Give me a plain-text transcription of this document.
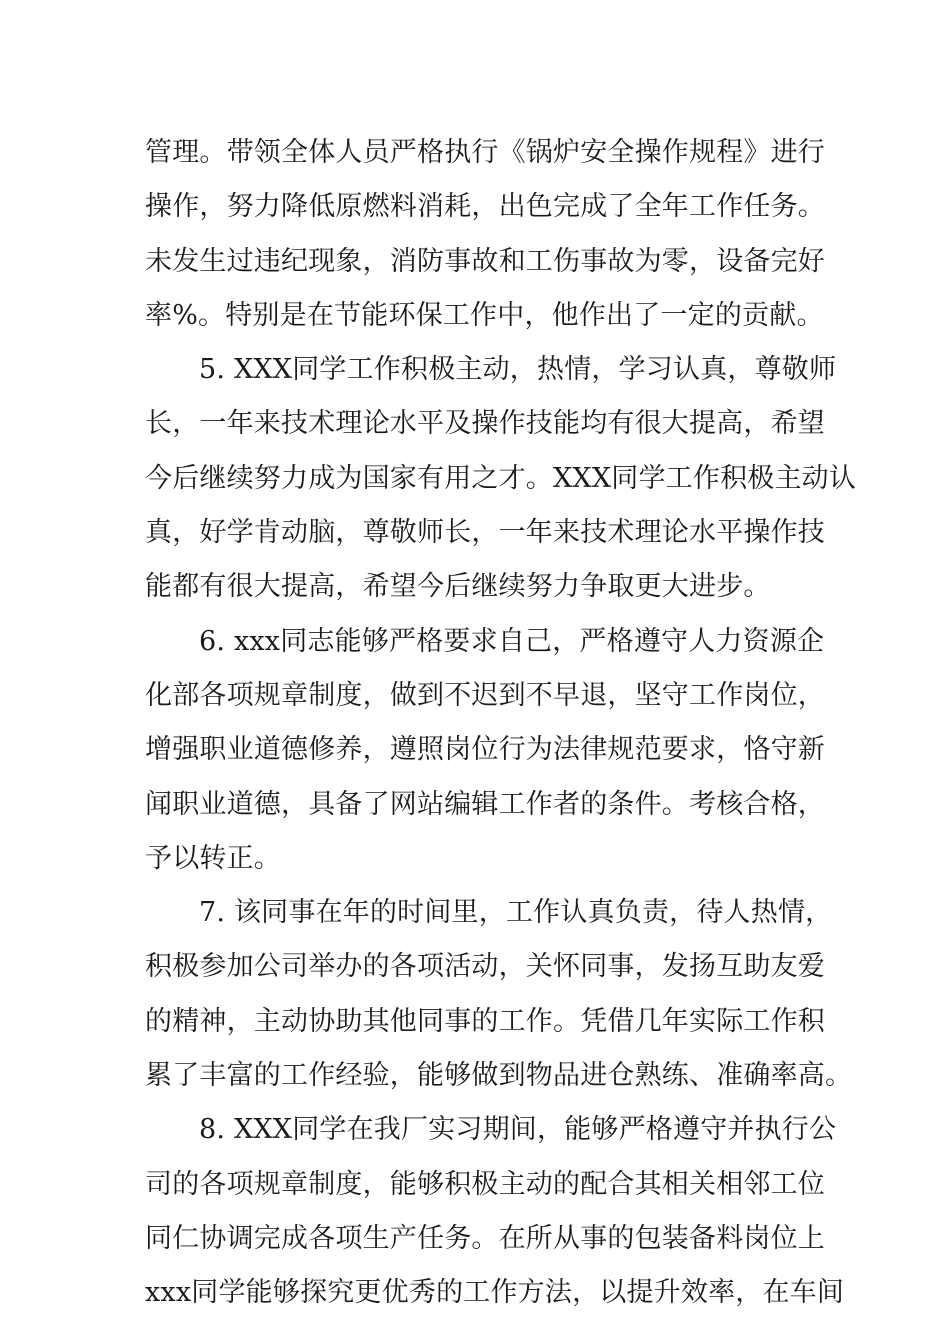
管理。带领全体人员严格执行《锅炉安全操作规程》进行
操作，努力降低原燃料消耗，出色完成了全年工作任务。
未发生过违纪现象，消防事故和工伤事故为零，设备完好
率%。特别是在节能环保工作中，他作出了一定的贡献。
5. XXX同学工作积极主动，热情，学习认真，尊敬师
长，一年来技术理论水平及操作技能均有很大提高，希望
今后继续努力成为国家有用之才。XXX同学工作积极主动认
真，好学肯动脑，尊敬师长，一年来技术理论水平操作技
能都有很大提高，希望今后继续努力争取更大进步。
6. xxx同志能够严格要求自己，严格遵守人力资源企
化部各项规章制度，做到不迟到不早退，坚守工作岗位，
增强职业道德修养，遵照岗位行为法律规范要求，恪守新
闻职业道德，具备了网站编辑工作者的条件。考核合格，
予以转正。
7. 该同事在年的时间里，工作认真负责，待人热情，
积极参加公司举办的各项活动，关怀同事，发扬互助友爱
的精神，主动协助其他同事的工作。凭借几年实际工作积
累了丰富的工作经验，能够做到物品进仓熟练、准确率高。
8. XXX同学在我厂实习期间，能够严格遵守并执行公
司的各项规章制度，能够积极主动的配合其相关相邻工位
同仁协调完成各项生产任务。在所从事的包装备料岗位上
xxx同学能够探究更优秀的工作方法，以提升效率，在车间
